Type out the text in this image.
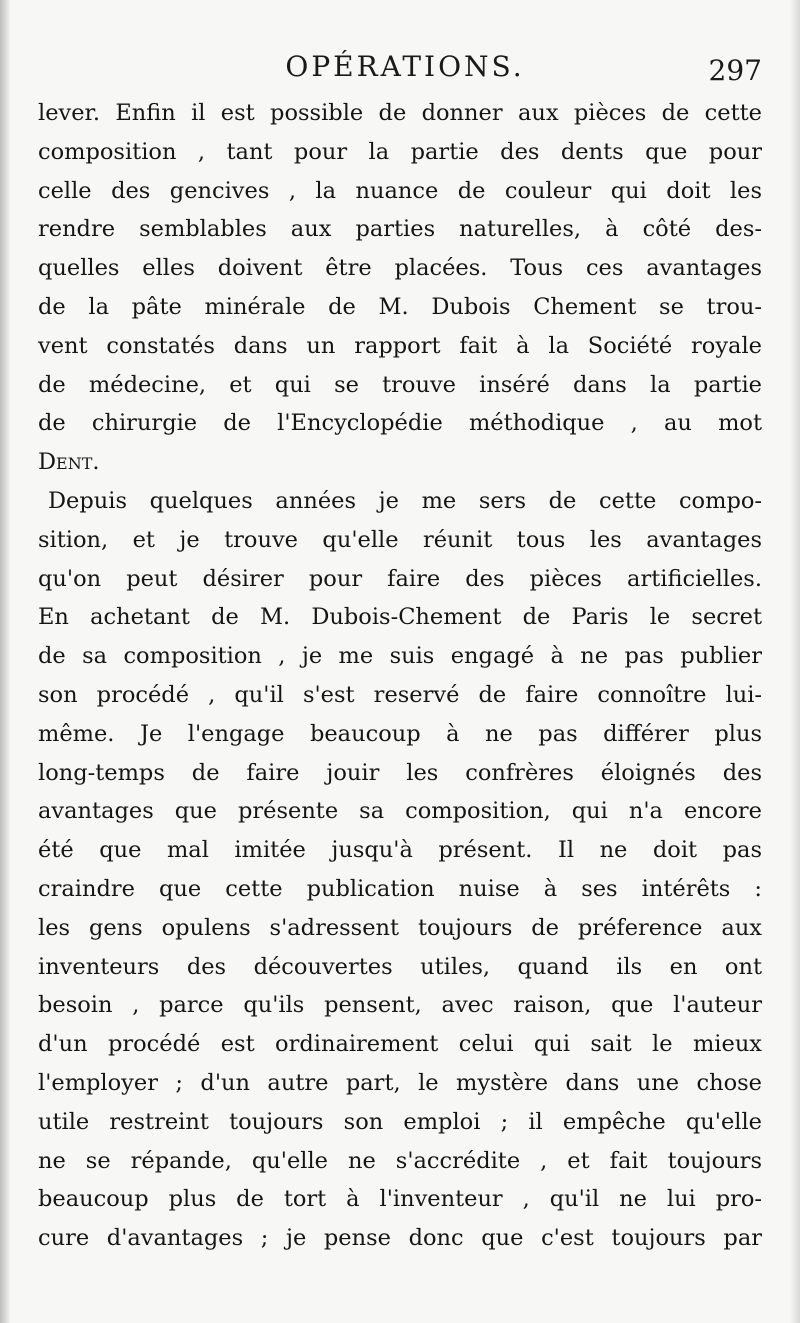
OPÉRATIONS.	297
lever. Enfin il est possible de donner aux pièces de cette
composition , tant pour la partie des dents que pour
celle des gencives , la nuance de couleur qui doit les
rendre semblables aux parties naturelles, à côté des-
quelles elles doivent être placées. Tous ces avantages
de la pâte minérale de M. Dubois Chement se trou-
vent constatés dans un rapport fait à la Société royale
de médecine, et qui se trouve inséré dans la partie
de chirurgie de l'Encyclopédie méthodique , au mot
Dent.
Depuis quelques années je me sers de cette compo-
sition, et je trouve qu'elle réunit tous les avantages
qu'on peut désirer pour faire des pièces artificielles.
En achetant de M. Dubois-Chement de Paris le secret
de sa composition , je me suis engagé à ne pas publier
son procédé , qu'il s'est reservé de faire connoître lui-
même. Je l'engage beaucoup à ne pas différer plus
long-temps de faire jouir les confrères éloignés des
avantages que présente sa composition, qui n'a encore
été que mal imitée jusqu'à présent. Il ne doit pas
craindre que cette publication nuise à ses intérêts :
les gens opulens s'adressent toujours de préference aux
inventeurs des découvertes utiles, quand ils en ont
besoin , parce qu'ils pensent, avec raison, que l'auteur
d'un procédé est ordinairement celui qui sait le mieux
l'employer ; d'un autre part, le mystère dans une chose
utile restreint toujours son emploi ; il empêche qu'elle
ne se répande, qu'elle ne s'accrédite , et fait toujours
beaucoup plus de tort à l'inventeur , qu'il ne lui pro-
cure d'avantages ; je pense donc que c'est toujours par
